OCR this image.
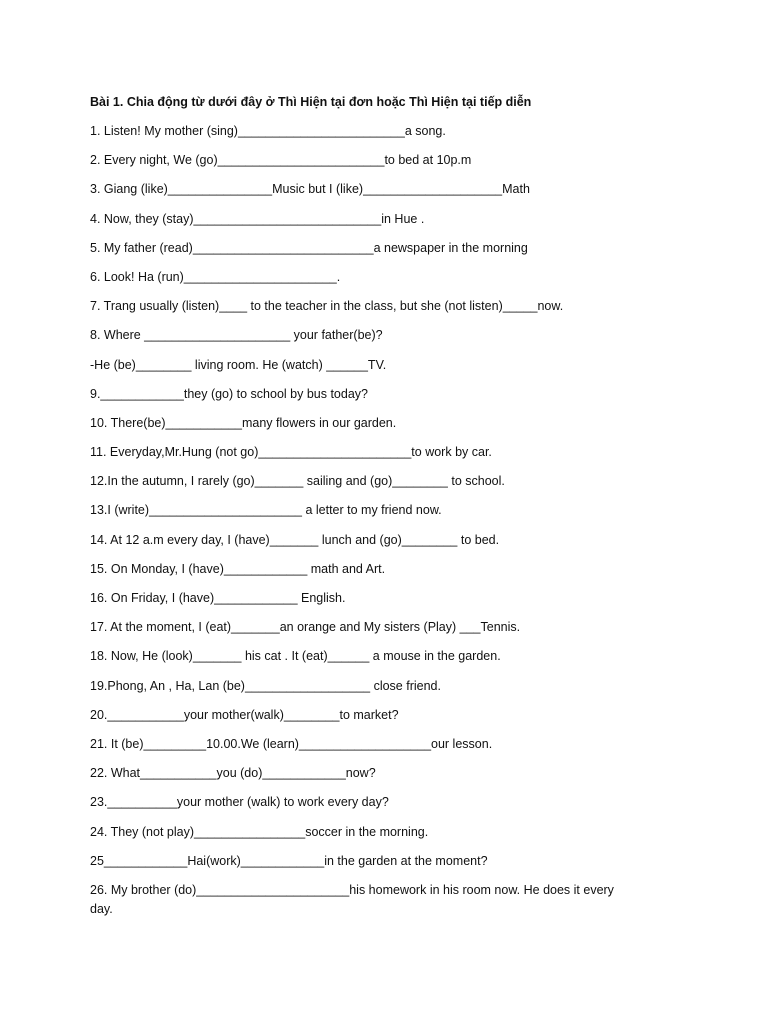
Bài 1. Chia động từ dưới đây ở Thì Hiện tại đơn hoặc Thì Hiện tại tiếp diễn
1. Listen! My mother (sing)________________________a song.
2. Every night, We (go)________________________to bed at 10p.m
3. Giang (like)_______________Music but I (like)____________________Math
4. Now, they (stay)___________________________in Hue .
5. My father (read)__________________________a newspaper in the morning
6. Look! Ha (run)______________________.
7. Trang usually (listen)____ to the teacher in the class, but she (not listen)_____now.
8. Where _____________________ your father(be)?
-He (be)________ living room. He (watch) ______TV.
9.____________they (go) to school by bus today?
10. There(be)___________many flowers in our garden.
11. Everyday,Mr.Hung (not go)______________________to work by car.
12.In the autumn, I rarely (go)_______ sailing and (go)________ to school.
13.I (write)______________________ a letter to my friend now.
14. At 12 a.m every day, I (have)_______ lunch and (go)________ to bed.
15. On Monday, I (have)____________ math and Art.
16. On Friday, I (have)____________ English.
17. At the moment, I (eat)_______an orange and My sisters (Play) ___Tennis.
18. Now, He (look)_______ his cat . It (eat)______ a mouse in the garden.
19.Phong, An , Ha, Lan (be)__________________ close friend.
20.___________your mother(walk)________to market?
21. It (be)_________10.00.We (learn)___________________our lesson.
22. What___________you (do)____________now?
23.__________your mother (walk) to work every day?
24. They (not play)________________soccer in the morning.
25____________Hai(work)____________in the garden at the moment?
26. My brother (do)______________________his homework in his room now. He does it every day.
